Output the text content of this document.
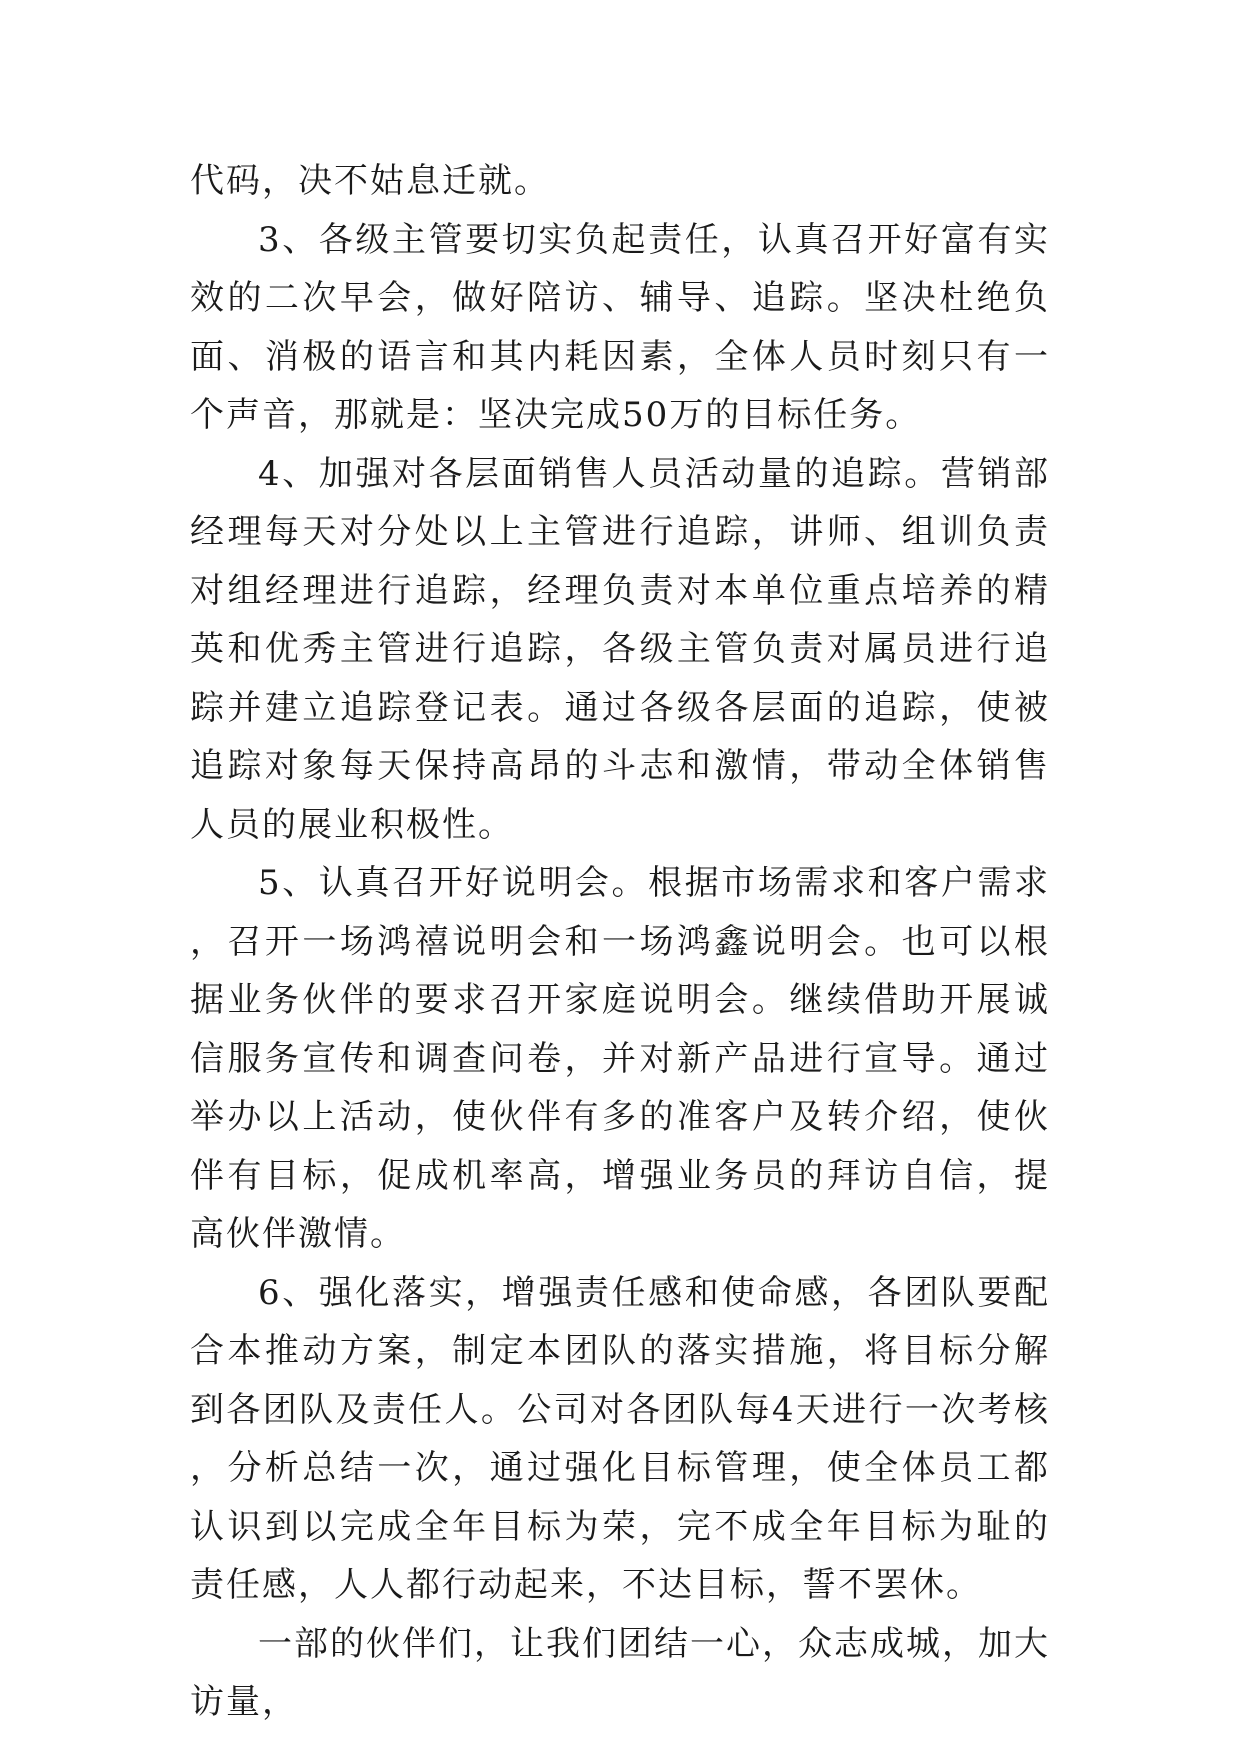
代码，决不姑息迁就。

3、各级主管要切实负起责任，认真召开好富有实效的二次早会，做好陪访、辅导、追踪。坚决杜绝负面、消极的语言和其内耗因素，全体人员时刻只有一个声音，那就是：坚决完成50万的目标任务。

4、加强对各层面销售人员活动量的追踪。营销部经理每天对分处以上主管进行追踪，讲师、组训负责对组经理进行追踪，经理负责对本单位重点培养的精英和优秀主管进行追踪，各级主管负责对属员进行追踪并建立追踪登记表。通过各级各层面的追踪，使被追踪对象每天保持高昂的斗志和激情，带动全体销售人员的展业积极性。

5、认真召开好说明会。根据市场需求和客户需求，召开一场鸿禧说明会和一场鸿鑫说明会。也可以根据业务伙伴的要求召开家庭说明会。继续借助开展诚信服务宣传和调查问卷，并对新产品进行宣导。通过举办以上活动，使伙伴有多的准客户及转介绍，使伙伴有目标，促成机率高，增强业务员的拜访自信，提高伙伴激情。

6、强化落实，增强责任感和使命感，各团队要配合本推动方案，制定本团队的落实措施，将目标分解到各团队及责任人。公司对各团队每4天进行一次考核，分析总结一次，通过强化目标管理，使全体员工都认识到以完成全年目标为荣，完不成全年目标为耻的责任感，人人都行动起来，不达目标，誓不罢休。

一部的伙伴们，让我们团结一心，众志成城，加大访量，
